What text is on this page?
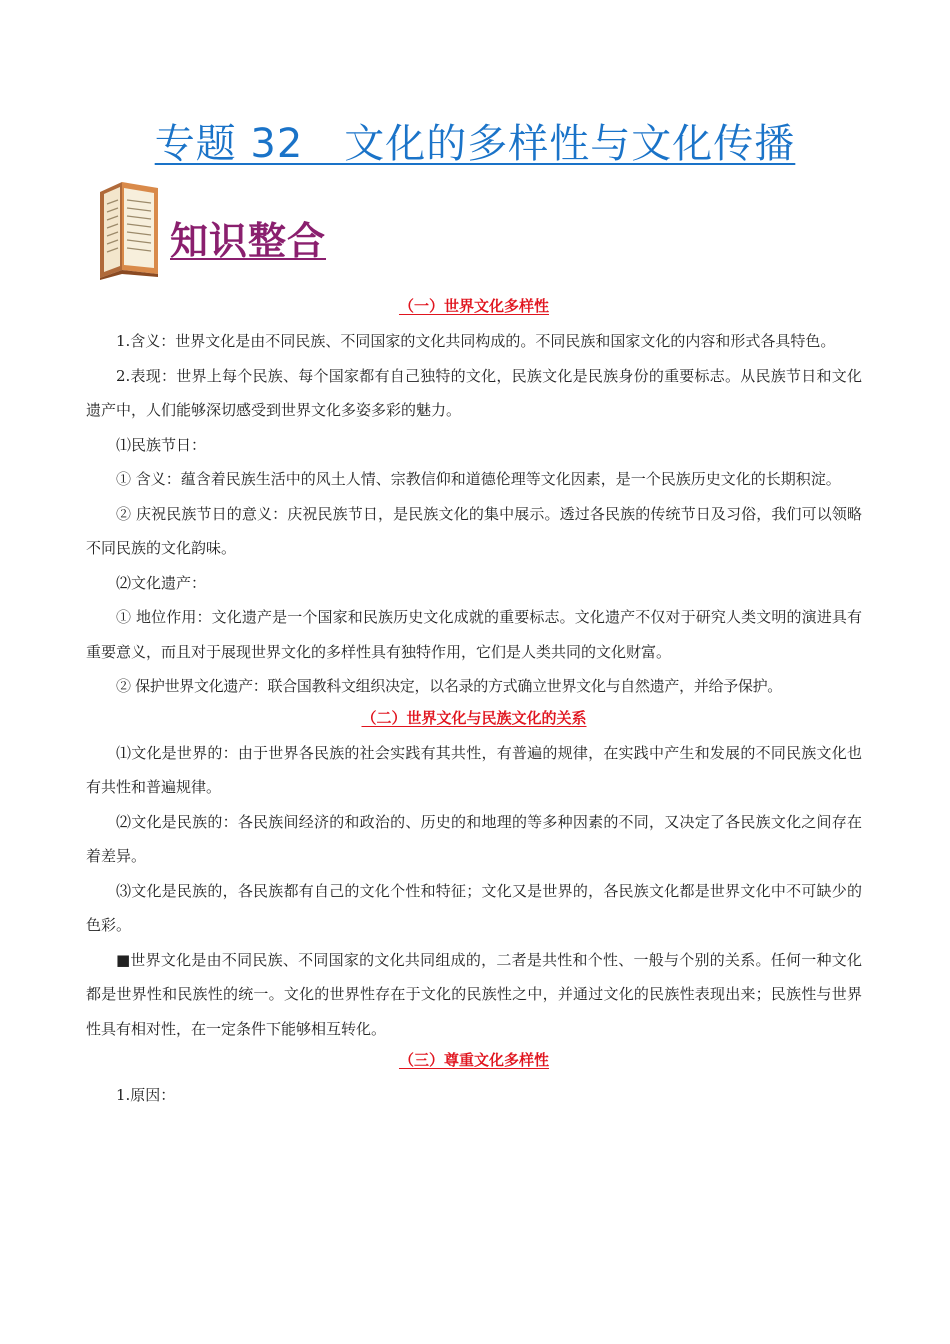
专题 32　文化的多样性与文化传播
知识整合
（一）世界文化多样性

1.含义：世界文化是由不同民族、不同国家的文化共同构成的。不同民族和国家文化的内容和形式各具特色。

2.表现：世界上每个民族、每个国家都有自己独特的文化，民族文化是民族身份的重要标志。从民族节日和文化遗产中，人们能够深切感受到世界文化多姿多彩的魅力。

⑴民族节日：

① 含义：蕴含着民族生活中的风土人情、宗教信仰和道德伦理等文化因素，是一个民族历史文化的长期积淀。

② 庆祝民族节日的意义：庆祝民族节日，是民族文化的集中展示。透过各民族的传统节日及习俗，我们可以领略不同民族的文化韵味。

⑵文化遗产：

① 地位作用：文化遗产是一个国家和民族历史文化成就的重要标志。文化遗产不仅对于研究人类文明的演进具有重要意义，而且对于展现世界文化的多样性具有独特作用，它们是人类共同的文化财富。

② 保护世界文化遗产：联合国教科文组织决定，以名录的方式确立世界文化与自然遗产，并给予保护。

（二）世界文化与民族文化的关系

⑴文化是世界的：由于世界各民族的社会实践有其共性，有普遍的规律，在实践中产生和发展的不同民族文化也有共性和普遍规律。

⑵文化是民族的：各民族间经济的和政治的、历史的和地理的等多种因素的不同，又决定了各民族文化之间存在着差异。

⑶文化是民族的，各民族都有自己的文化个性和特征；文化又是世界的，各民族文化都是世界文化中不可缺少的色彩。

■世界文化是由不同民族、不同国家的文化共同组成的，二者是共性和个性、一般与个别的关系。任何一种文化都是世界性和民族性的统一。文化的世界性存在于文化的民族性之中，并通过文化的民族性表现出来；民族性与世界性具有相对性，在一定条件下能够相互转化。

（三）尊重文化多样性

1.原因：
